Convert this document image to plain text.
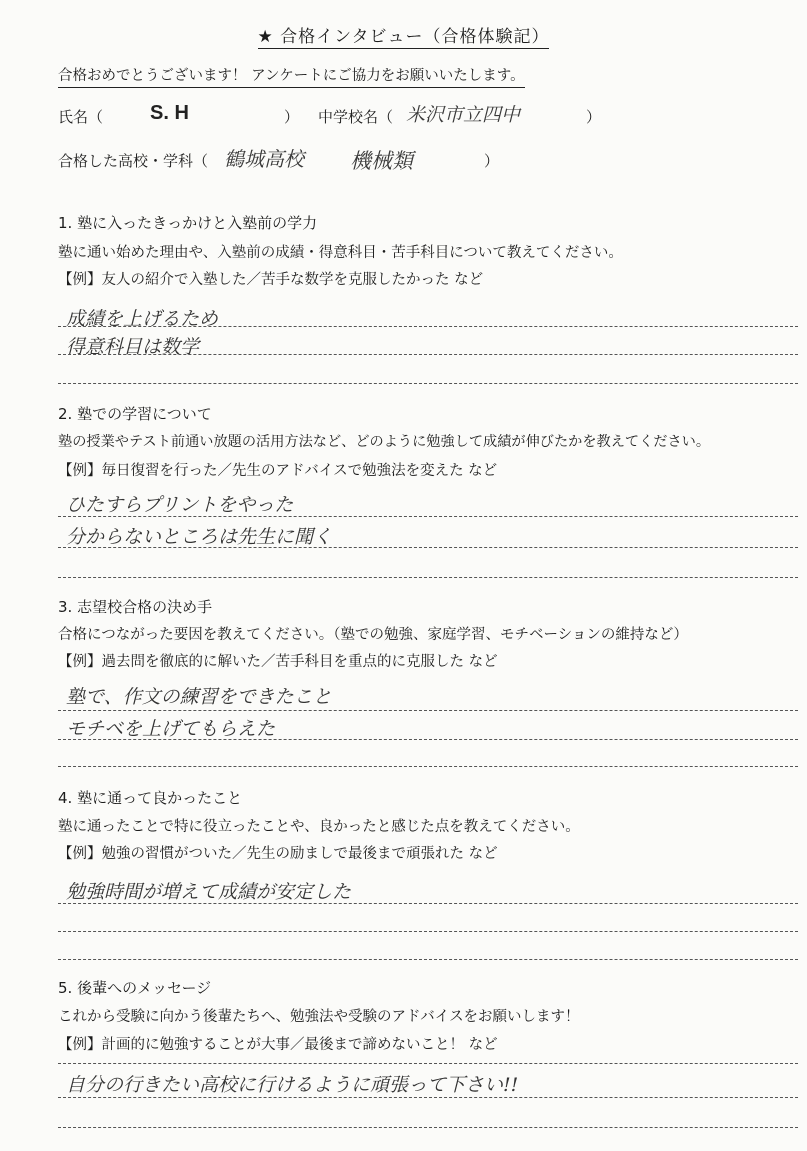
★ 合格インタビュー（合格体験記）
合格おめでとうございます！ アンケートにご協力をお願いいたします。
氏名（ S. H	） 中学校名（ 米沢市立四中	）
合格した高校・学科（ 鶴城高校 機械類	）
1. 塾に入ったきっかけと入塾前の学力
塾に通い始めた理由や、入塾前の成績・得意科目・苦手科目について教えてください。
【例】友人の紹介で入塾した／苦手な数学を克服したかった など
成績を上げるため
得意科目は数学
2. 塾での学習について
塾の授業やテスト前通い放題の活用方法など、どのように勉強して成績が伸びたかを教えてください。
【例】毎日復習を行った／先生のアドバイスで勉強法を変えた など
ひたすらプリントをやった
分からないところは先生に聞く
3. 志望校合格の決め手
合格につながった要因を教えてください。（塾での勉強、家庭学習、モチベーションの維持など）
【例】過去問を徹底的に解いた／苦手科目を重点的に克服した など
塾で、作文の練習をできたこと
モチベを上げてもらえた
4. 塾に通って良かったこと
塾に通ったことで特に役立ったことや、良かったと感じた点を教えてください。
【例】勉強の習慣がついた／先生の励ましで最後まで頑張れた など
勉強時間が増えて成績が安定した
5. 後輩へのメッセージ
これから受験に向かう後輩たちへ、勉強法や受験のアドバイスをお願いします！
【例】計画的に勉強することが大事／最後まで諦めないこと！ など
自分の行きたい高校に行けるように頑張って下さい!!
